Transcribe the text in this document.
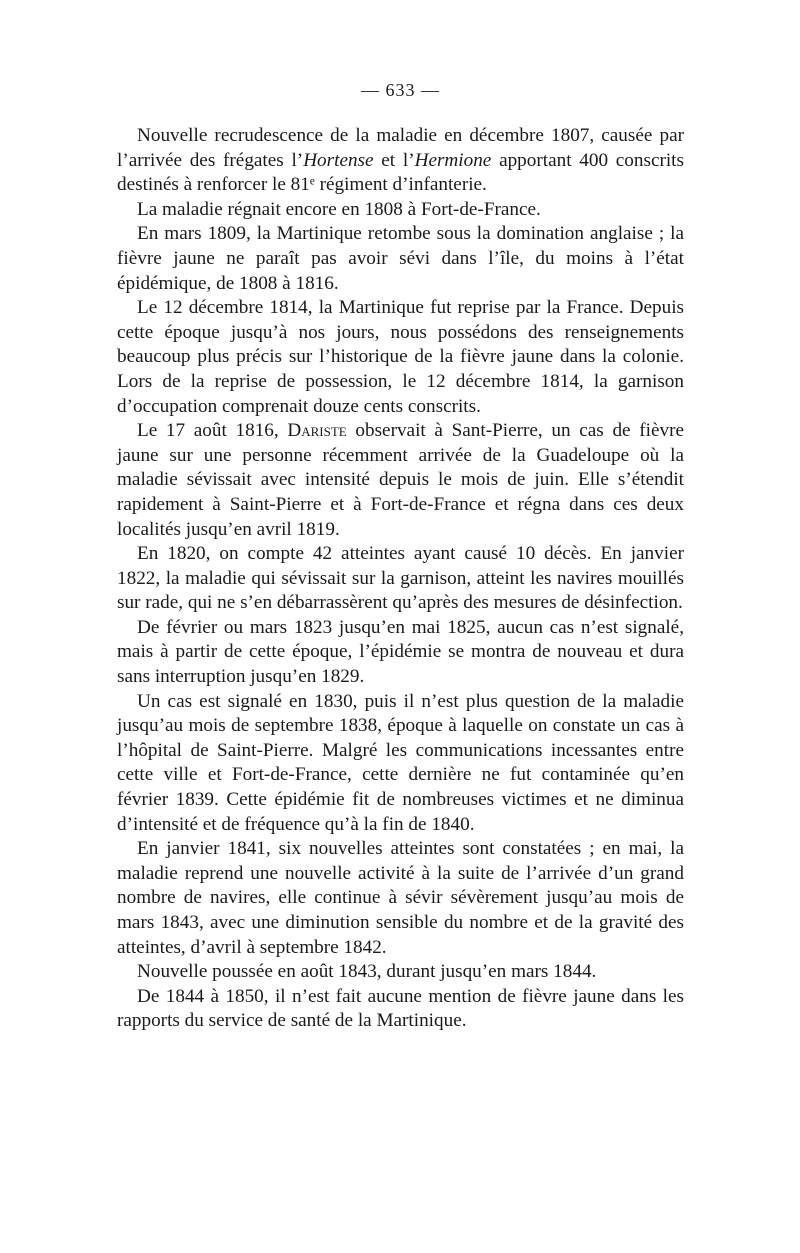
— 633 —

Nouvelle recrudescence de la maladie en décembre 1807, causée par l’arrivée des frégates l’Hortense et l’Hermione apportant 400 conscrits destinés à renforcer le 81ᵉ régiment d’infanterie.

La maladie régnait encore en 1808 à Fort-de-France.

En mars 1809, la Martinique retombe sous la domination anglaise ; la fièvre jaune ne paraît pas avoir sévi dans l’île, du moins à l’état épidémique, de 1808 à 1816.

Le 12 décembre 1814, la Martinique fut reprise par la France. Depuis cette époque jusqu’à nos jours, nous possédons des renseignements beaucoup plus précis sur l’historique de la fièvre jaune dans la colonie. Lors de la reprise de possession, le 12 décembre 1814, la garnison d’occupation comprenait douze cents conscrits.

Le 17 août 1816, Dariste observait à Sant-Pierre, un cas de fièvre jaune sur une personne récemment arrivée de la Guadeloupe où la maladie sévissait avec intensité depuis le mois de juin. Elle s’étendit rapidement à Saint-Pierre et à Fort-de-France et régna dans ces deux localités jusqu’en avril 1819.

En 1820, on compte 42 atteintes ayant causé 10 décès. En janvier 1822, la maladie qui sévissait sur la garnison, atteint les navires mouillés sur rade, qui ne s’en débarrassèrent qu’après des mesures de désinfection.

De février ou mars 1823 jusqu’en mai 1825, aucun cas n’est signalé, mais à partir de cette époque, l’épidémie se montra de nouveau et dura sans interruption jusqu’en 1829.

Un cas est signalé en 1830, puis il n’est plus question de la maladie jusqu’au mois de septembre 1838, époque à laquelle on constate un cas à l’hôpital de Saint-Pierre. Malgré les communications incessantes entre cette ville et Fort-de-France, cette dernière ne fut contaminée qu’en février 1839. Cette épidémie fit de nombreuses victimes et ne diminua d’intensité et de fréquence qu’à la fin de 1840.

En janvier 1841, six nouvelles atteintes sont constatées ; en mai, la maladie reprend une nouvelle activité à la suite de l’arrivée d’un grand nombre de navires, elle continue à sévir sévèrement jusqu’au mois de mars 1843, avec une diminution sensible du nombre et de la gravité des atteintes, d’avril à septembre 1842.

Nouvelle poussée en août 1843, durant jusqu’en mars 1844.

De 1844 à 1850, il n’est fait aucune mention de fièvre jaune dans les rapports du service de santé de la Martinique.
